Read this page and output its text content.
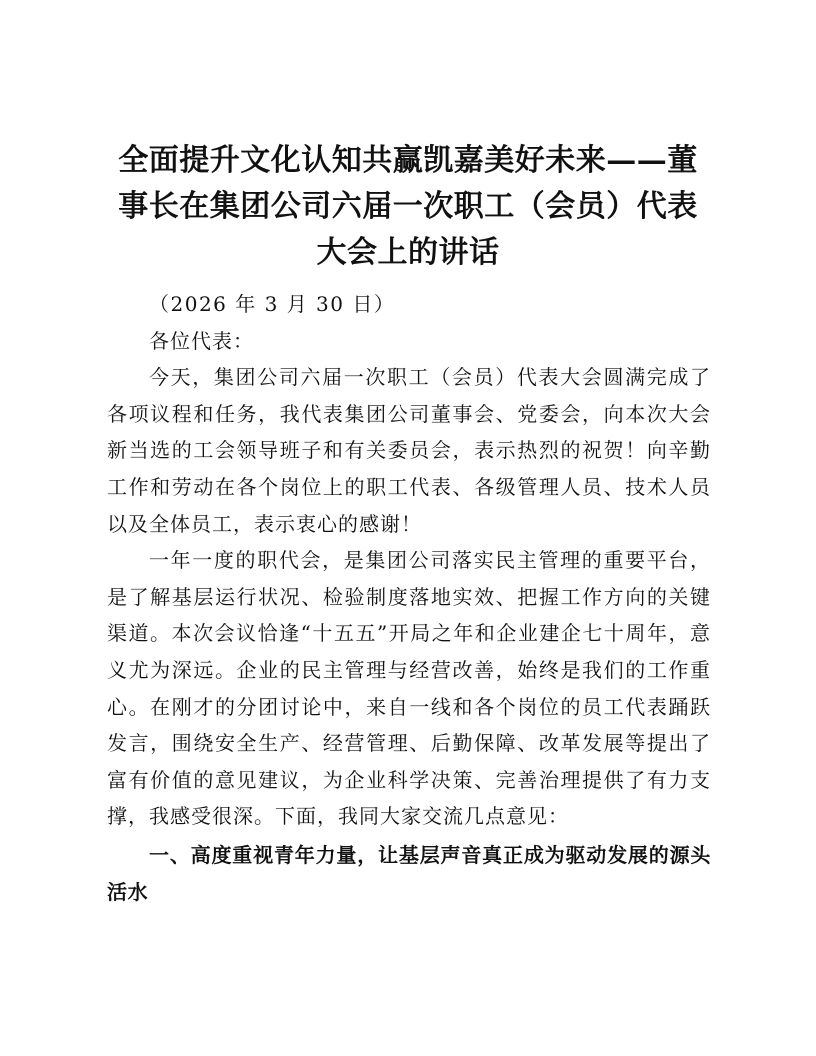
全面提升文化认知共赢凯嘉美好未来——董事长在集团公司六届一次职工（会员）代表大会上的讲话

（2026 年 3 月 30 日）

各位代表：

今天，集团公司六届一次职工（会员）代表大会圆满完成了各项议程和任务，我代表集团公司董事会、党委会，向本次大会新当选的工会领导班子和有关委员会，表示热烈的祝贺！向辛勤工作和劳动在各个岗位上的职工代表、各级管理人员、技术人员以及全体员工，表示衷心的感谢！

一年一度的职代会，是集团公司落实民主管理的重要平台，是了解基层运行状况、检验制度落地实效、把握工作方向的关键渠道。本次会议恰逢“十五五”开局之年和企业建企七十周年，意义尤为深远。企业的民主管理与经营改善，始终是我们的工作重心。在刚才的分团讨论中，来自一线和各个岗位的员工代表踊跃发言，围绕安全生产、经营管理、后勤保障、改革发展等提出了富有价值的意见建议，为企业科学决策、完善治理提供了有力支撑，我感受很深。下面，我同大家交流几点意见：

一、高度重视青年力量，让基层声音真正成为驱动发展的源头活水
